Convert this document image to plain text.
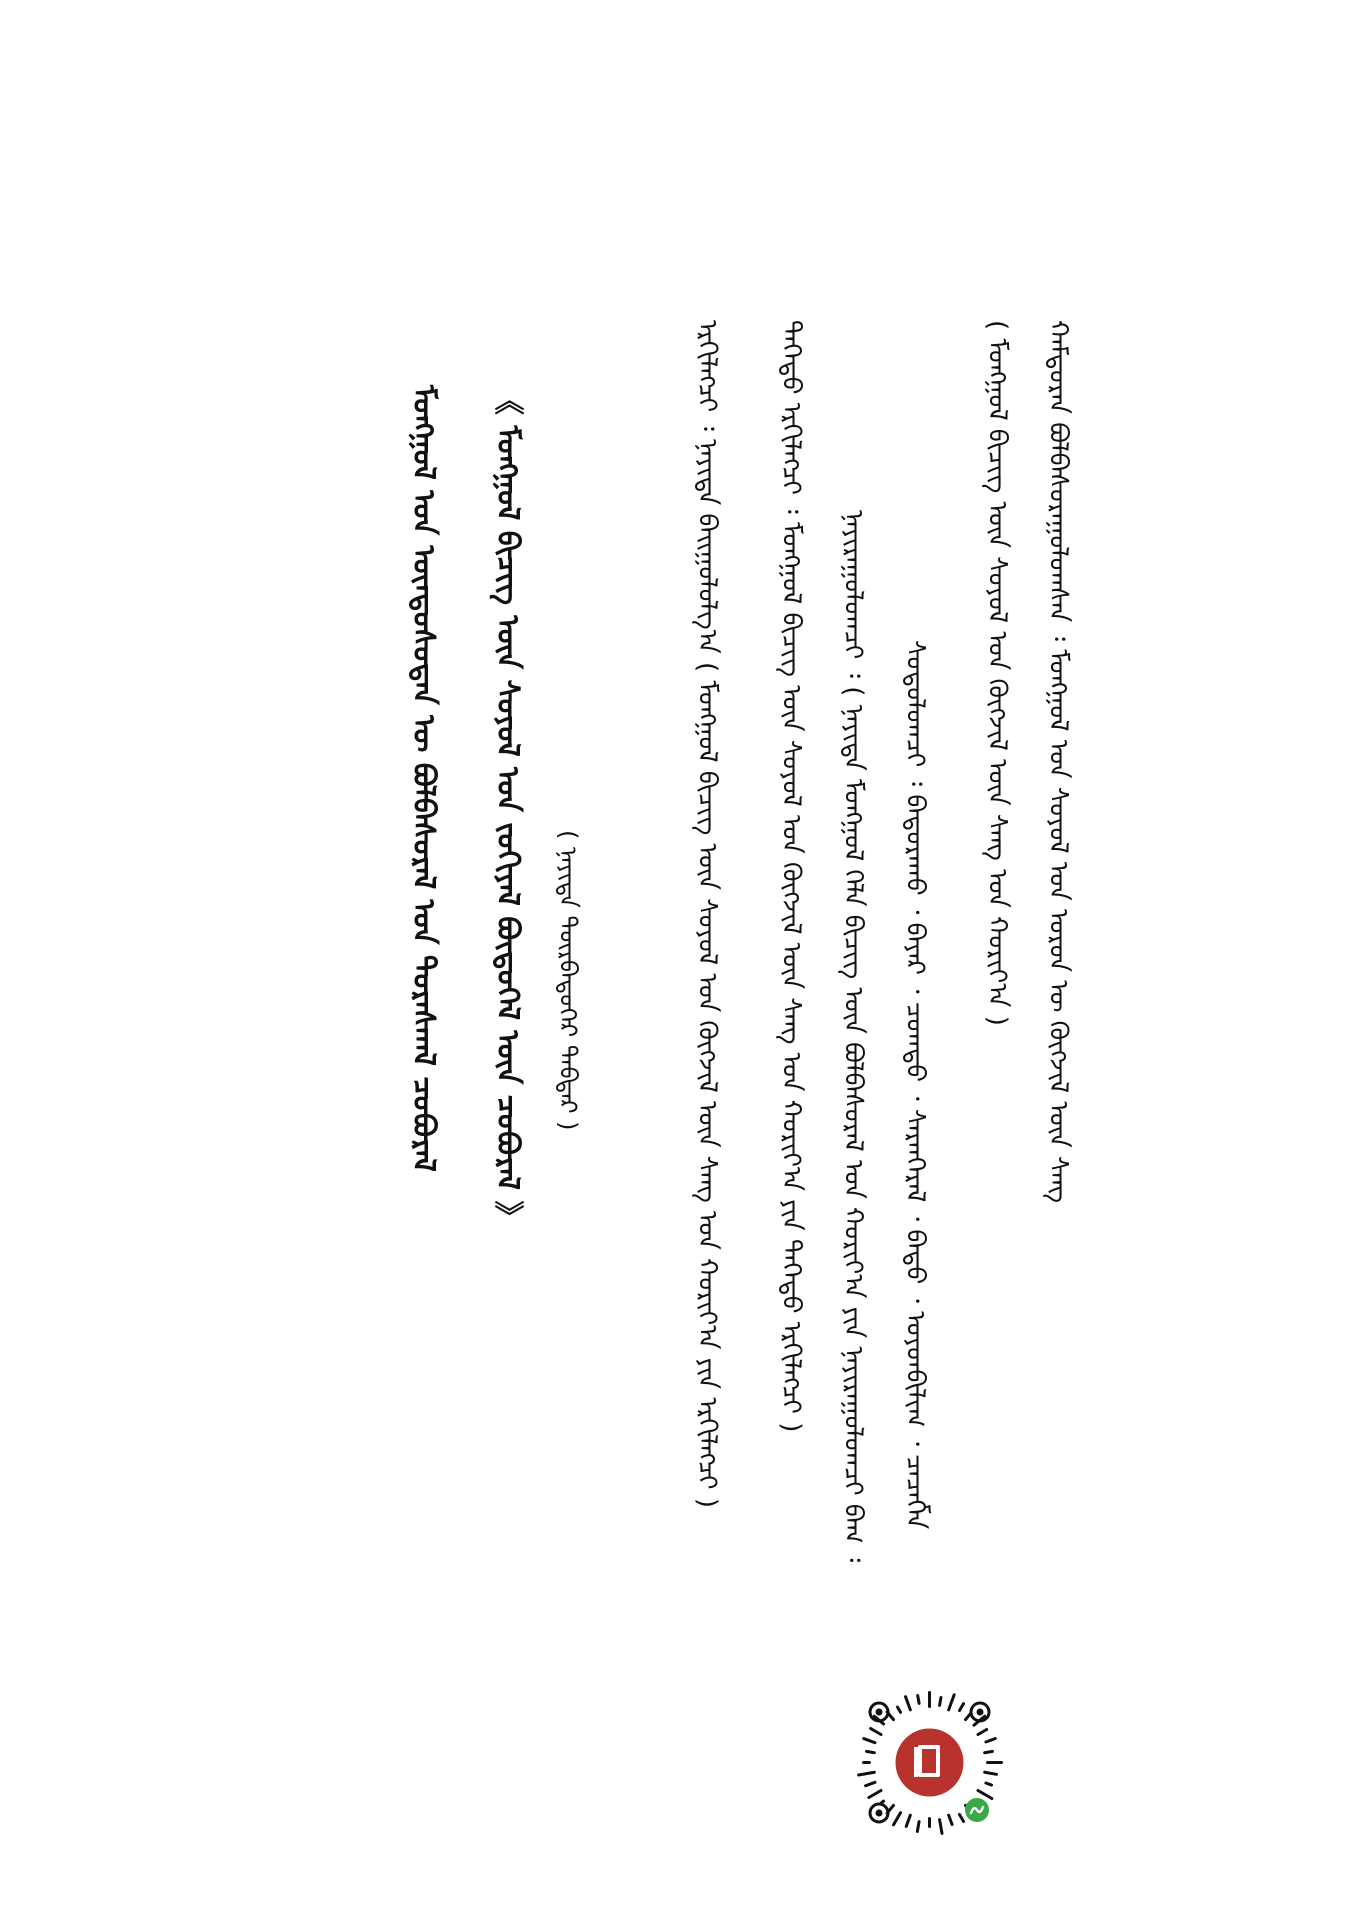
ᠮᠣᠩᠭᠣᠯ ᠤᠨ ᠦᠨᠳᠦᠰᠦᠲᠡᠨ ᠦ ᠪᠣᠯᠪᠠᠰᠤᠷᠠᠯ ᠤᠨ ᠳᠤᠷᠠᠰᠬᠠᠯ ᠴᠤᠪᠤᠷᠠᠯ 《 ᠮᠣᠩᠭᠣᠯ ᠪᠢᠴᠢᠭ ᠦᠨ ᠰᠣᠶᠤᠯ ᠤᠨ ᠵᠣᠬᠢᠶᠠᠯ ᠪᠦᠲᠦᠭᠡᠯ ᠦᠨ ᠴᠤᠪᠤᠷᠠᠯ 》 ( ᠨᠡᠶᠢᠲᠡ ᠳᠦᠷᠪᠡᠳᠦᠭᠡᠷ ᠳᠡᠪᠲᠡᠷ )	ᠡᠷᠬᠢᠯᠡᠭᠴᠢ ᠄ ᠨᠡᠶᠢᠲᠡ ᠪᠠᠢᠭᠤᠯᠤᠯᠭ᠎ᠠ ( ᠮᠣᠩᠭᠣᠯ ᠪᠢᠴᠢᠭ ᠦᠨ ᠰᠣᠶᠤᠯ ᠤᠨ ᠬᠥᠭᠵᠢᠯ ᠦᠨ ᠰᠠᠩ ᠤᠨ ᠬᠣᠷᠢᠶ᠎ᠠ ᠶᠢᠨ ᠡᠷᠬᠢᠯᠡᠭᠴᠢ ) ᠳᠡᠭᠡᠳᠦ ᠡᠷᠬᠢᠯᠡᠭᠴᠢ ᠄ ᠮᠣᠩᠭᠣᠯ ᠪᠢᠴᠢᠭ ᠦᠨ ᠰᠣᠶᠤᠯ ᠤᠨ ᠬᠥᠭᠵᠢᠯ ᠦᠨ ᠰᠠᠩ ᠤᠨ ᠬᠣᠷᠢᠶ᠎ᠠ ᠶᠢᠨ ᠳᠡᠭᠡᠳᠦ ᠡᠷᠬᠢᠯᠡᠭᠴᠢ ) ᠨᠠᠶᠢᠷᠠᠭᠤᠯᠤᠭᠴᠢ ᠄ ( ᠨᠡᠶᠢᠲᠡ ᠮᠣᠩᠭᠣᠯ ᠬᠡᠯᠡ ᠪᠢᠴᠢᠭ ᠦᠨ ᠪᠣᠯᠪᠠᠰᠤᠷᠠᠯ ᠤᠨ ᠬᠣᠷᠢᠶ᠎ᠠ ᠶᠢᠨ ᠨᠠᠶᠢᠷᠠᠭᠤᠯᠤᠭᠴᠢ ᠪᠠᠭ ᠄ ᠰᠣᠳᠤᠯᠤᠭᠴᠢ ᠄ ᠪᠠᠳᠤᠷᠠᠬᠤ ᠂ ᠪᠠᠶᠠᠷ ᠂ ᠴᠣᠭᠲᠤ ᠂ ᠰᠠᠷᠠᠨᠭᠡᠷᠡᠯ ᠂ ᠪᠠᠲᠤ ᠂ ᠣᠶᠤᠨᠪᠢᠯᠢᠭ ᠂ ᠴᠡᠴᠡᠭᠮᠠ ( ᠮᠣᠩᠭᠣᠯ ᠪᠢᠴᠢᠭ ᠦᠨ ᠰᠣᠶᠤᠯ ᠤᠨ ᠬᠥᠭᠵᠢᠯ ᠦᠨ ᠰᠠᠩ ᠤᠨ ᠬᠣᠷᠢᠶ᠎ᠠ ) ᠬᠠᠮᠲᠤᠷᠠᠨ ᠪᠣᠯᠪᠠᠰᠤᠷᠠᠭᠤᠯᠤᠭᠰᠠᠨ ᠄ ᠮᠣᠩᠭᠣᠯ ᠤᠨ ᠰᠣᠶᠤᠯ ᠤᠨ ᠣᠷᠣᠨ ᠦ ᠬᠥᠭᠵᠢᠯ ᠦᠨ ᠰᠠᠩ
